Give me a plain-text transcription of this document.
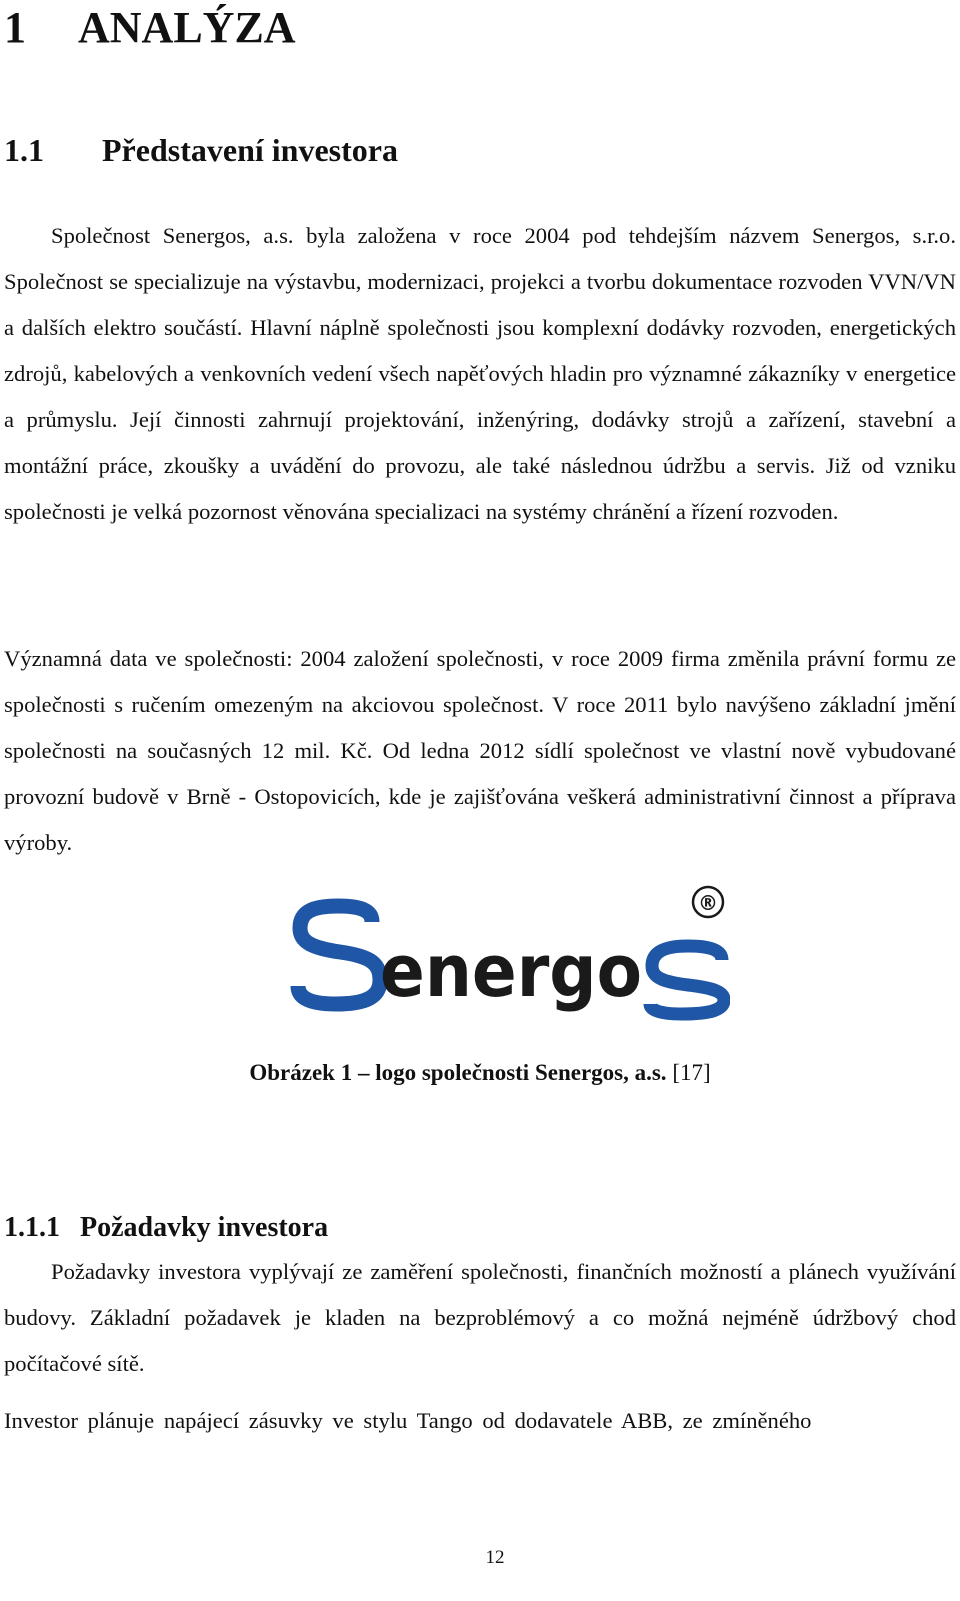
1 ANALÝZA
1.1 Představení investora

Společnost Senergos, a.s. byla založena v roce 2004 pod tehdejším názvem Senergos, s.r.o. Společnost se specializuje na výstavbu, modernizaci, projekci a tvorbu dokumentace rozvoden VVN/VN a dalších elektro součástí. Hlavní náplně společnosti jsou komplexní dodávky rozvoden, energetických zdrojů, kabelových a venkovních vedení všech napěťových hladin pro významné zákazníky v energetice a průmyslu. Její činnosti zahrnují projektování, inženýring, dodávky strojů a zařízení, stavební a montážní práce, zkoušky a uvádění do provozu, ale také následnou údržbu a servis. Již od vzniku společnosti je velká pozornost věnována specializaci na systémy chránění a řízení rozvoden.

Významná data ve společnosti: 2004 založení společnosti, v roce 2009 firma změnila právní formu ze společnosti s ručením omezeným na akciovou společnost. V roce 2011 bylo navýšeno základní jmění společnosti na současných 12 mil. Kč. Od ledna 2012 sídlí společnost ve vlastní nově vybudované provozní budově v Brně - Ostopovicích, kde je zajišťována veškerá administrativní činnost a příprava výroby.

energo
®

Obrázek 1 – logo společnosti Senergos, a.s. [17]

1.1.1 Požadavky investora

Požadavky investora vyplývají ze zaměření společnosti, finančních možností a plánech využívání budovy. Základní požadavek je kladen na bezproblémový a co možná nejméně údržbový chod počítačové sítě.

Investor plánuje napájecí zásuvky ve stylu Tango od dodavatele ABB, ze zmíněného

12
